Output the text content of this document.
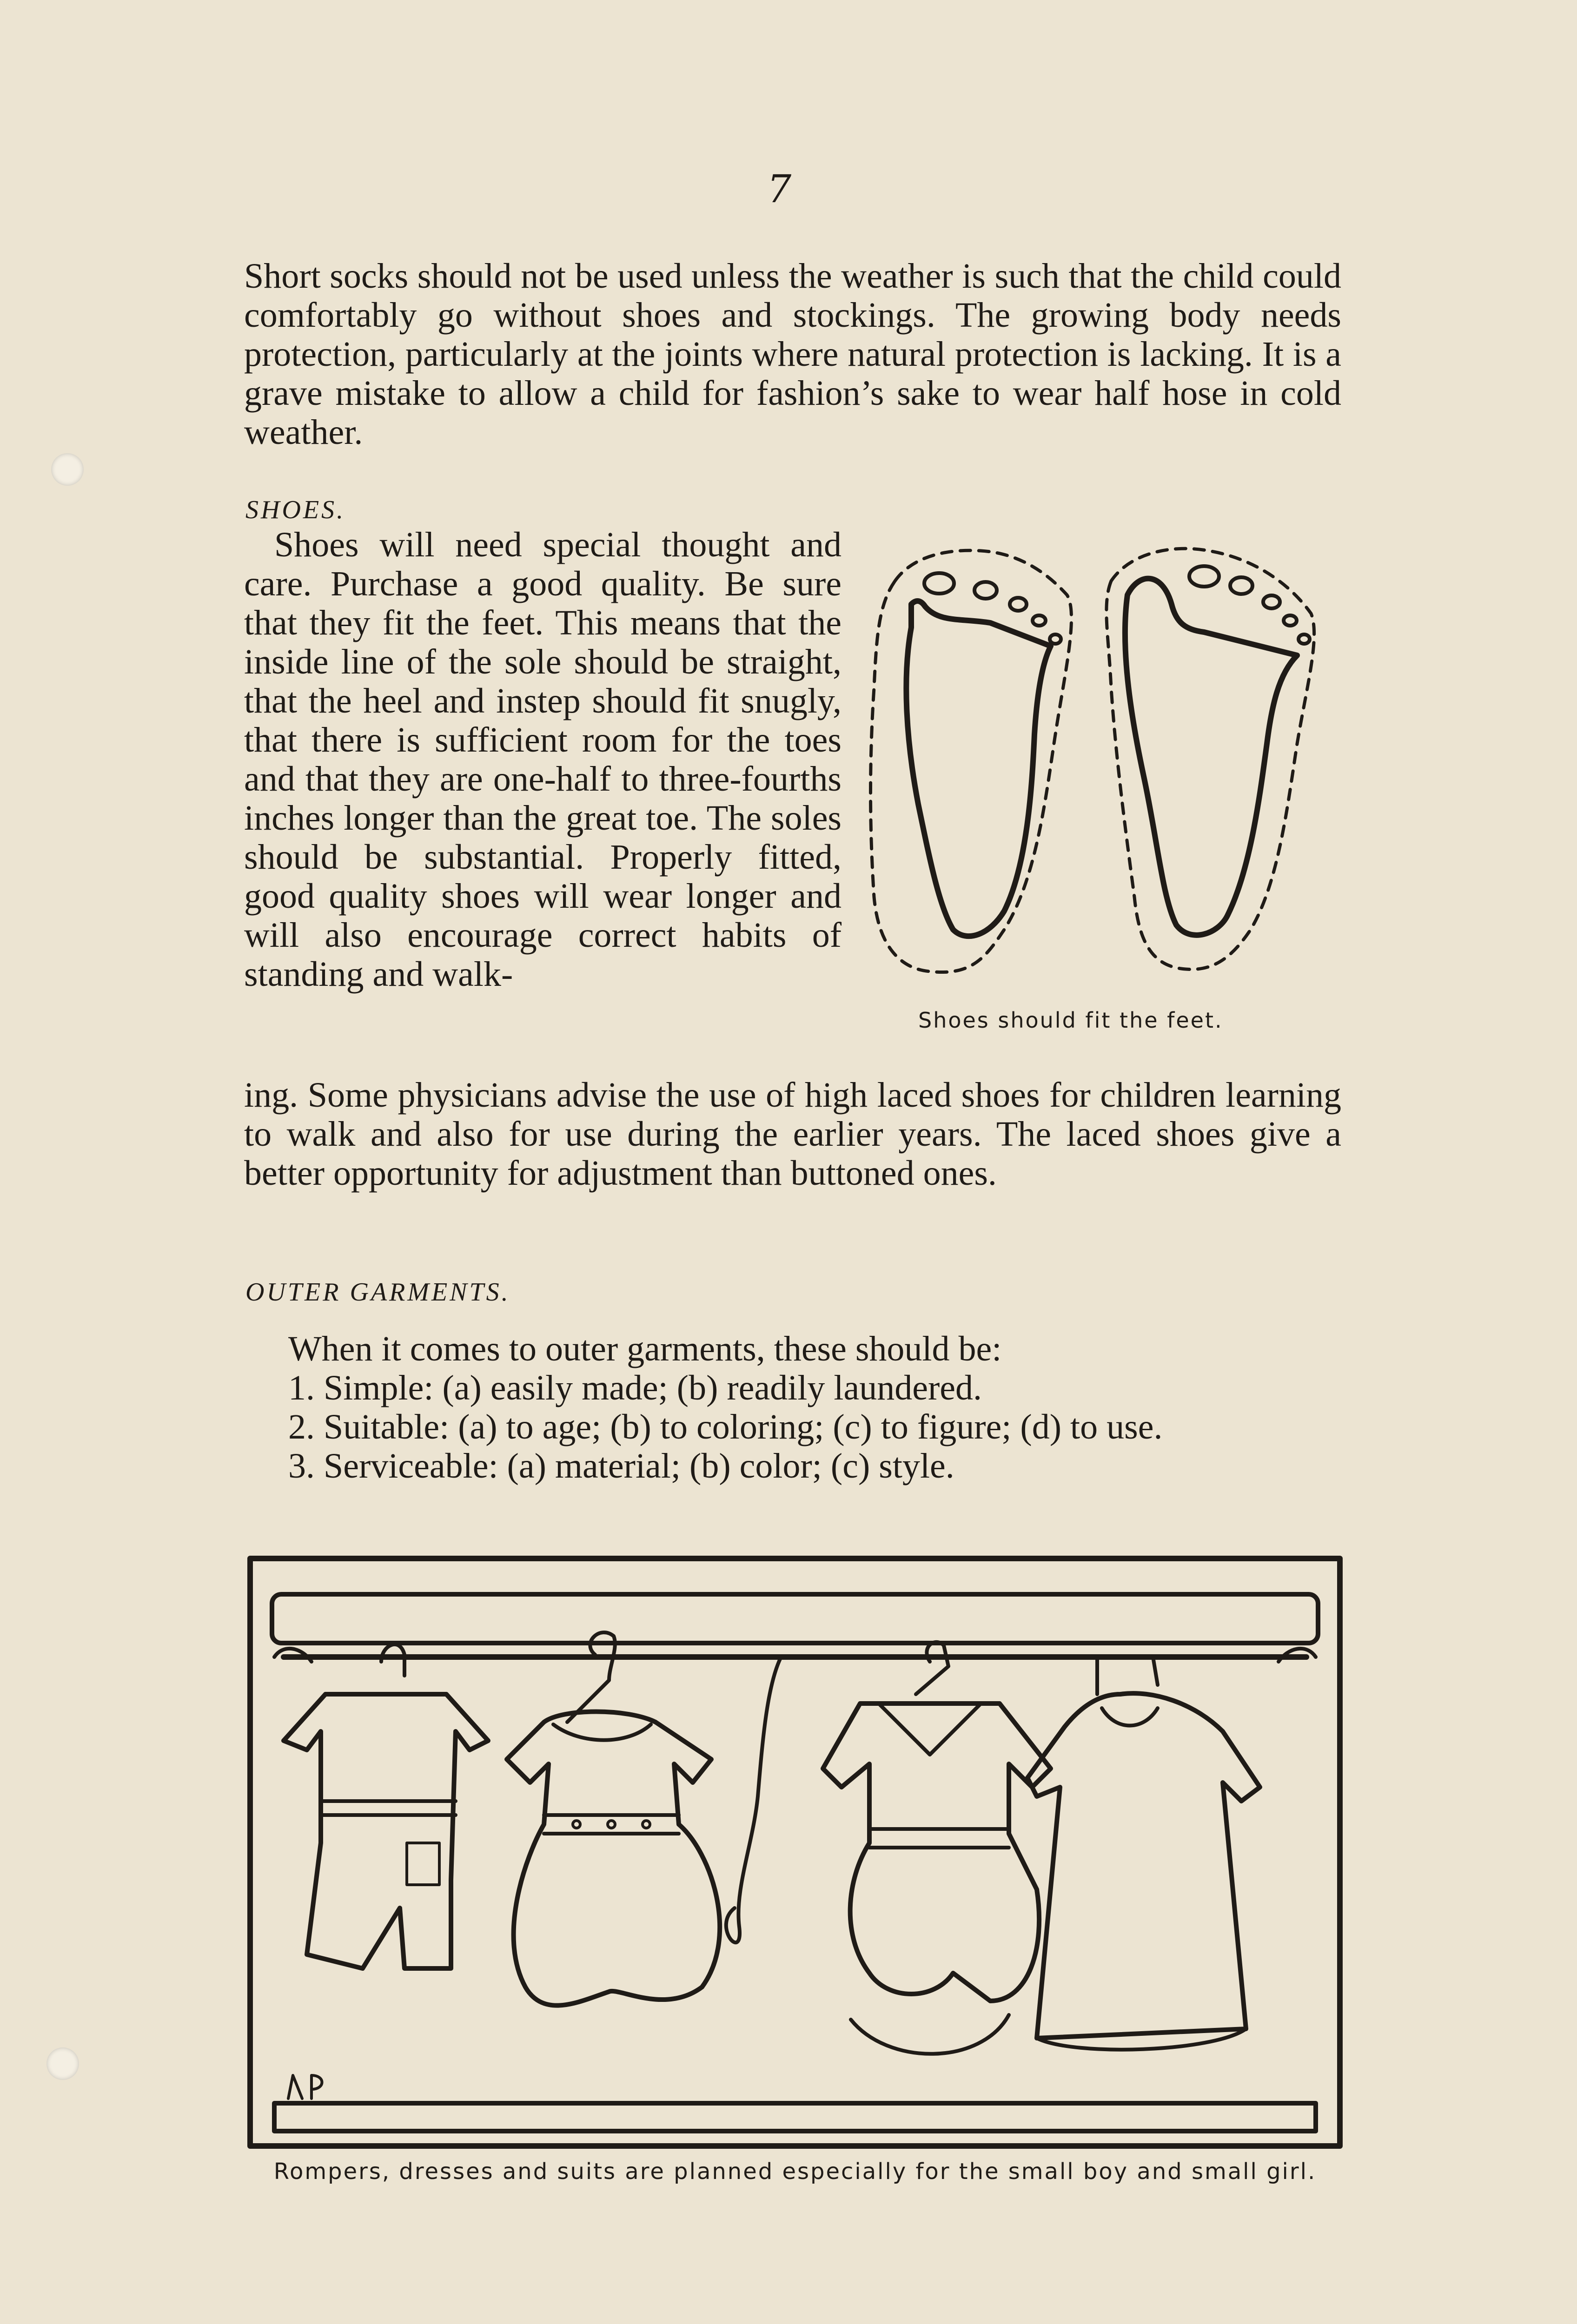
7
Short socks should not be used unless the weather is such that the child could comfortably go without shoes and stockings. The growing body needs protection, particularly at the joints where natural protection is lacking. It is a grave mistake to allow a child for fashion’s sake to wear half hose in cold weather.
SHOES.
Shoes will need special thought and care. Purchase a good quality. Be sure that they fit the feet. This means that the inside line of the sole should be straight, that the heel and instep should fit snugly, that there is sufficient room for the toes and that they are one-half to three-fourths inches longer than the great toe. The soles should be substantial. Properly fitted, good quality shoes will wear longer and will also encourage correct habits of standing and walk-
Shoes should fit the feet.
ing. Some physicians advise the use of high laced shoes for children learning to walk and also for use during the earlier years. The laced shoes give a better opportunity for adjustment than buttoned ones.
OUTER GARMENTS.
When it comes to outer garments, these should be:
1. Simple: (a) easily made; (b) readily laundered.
2. Suitable: (a) to age; (b) to coloring; (c) to figure; (d) to use.
3. Serviceable: (a) material; (b) color; (c) style.
Rompers, dresses and suits are planned especially for the small boy and small girl.
